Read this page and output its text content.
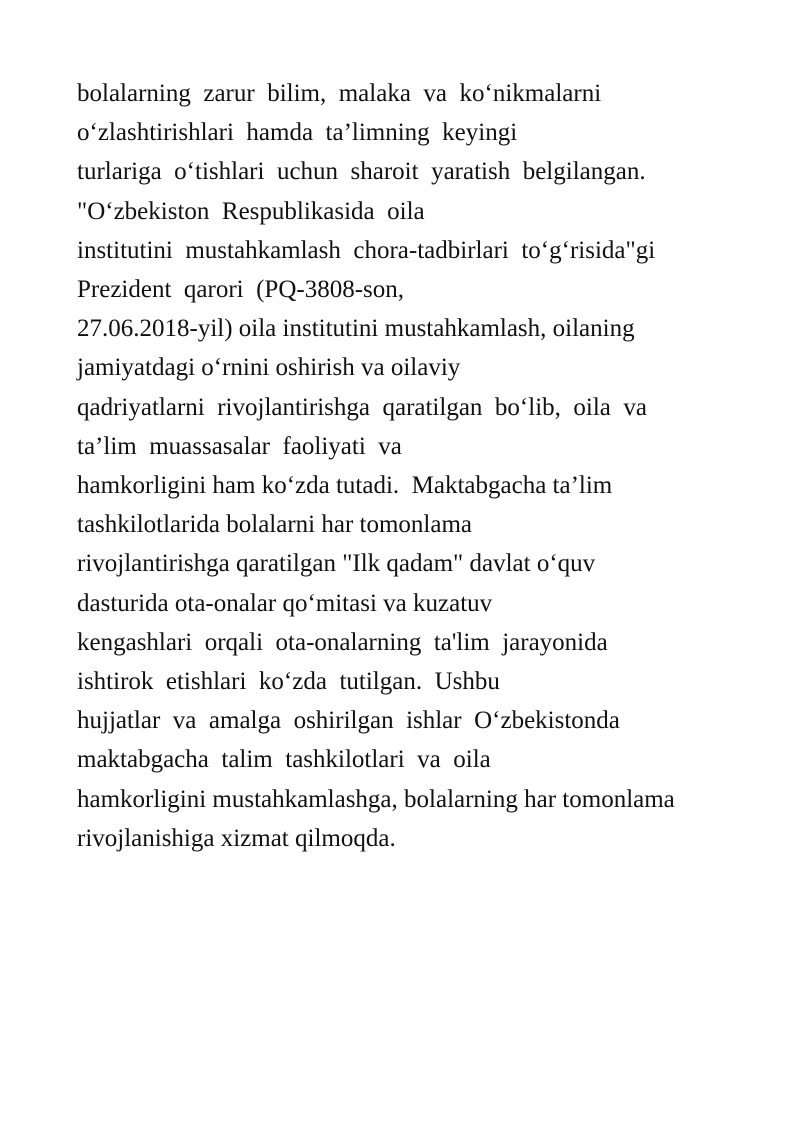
bolalarning  zarur  bilim,  malaka  va  ko‘nikmalarni
o‘zlashtirishlari  hamda  ta’limning  keyingi
turlariga  o‘tishlari  uchun  sharoit  yaratish  belgilangan.
"O‘zbekiston  Respublikasida  oila
institutini  mustahkamlash  chora-tadbirlari  to‘g‘risida"gi
Prezident  qarori  (PQ-3808-son,
27.06.2018-yil) oila institutini mustahkamlash, oilaning
jamiyatdagi o‘rnini oshirish va oilaviy
qadriyatlarni  rivojlantirishga  qaratilgan  bo‘lib,  oila  va
ta’lim  muassasalar  faoliyati  va
hamkorligini ham ko‘zda tutadi.  Maktabgacha ta’lim
tashkilotlarida bolalarni har tomonlama
rivojlantirishga qaratilgan "Ilk qadam" davlat o‘quv
dasturida ota-onalar qo‘mitasi va kuzatuv
kengashlari  orqali  ota-onalarning  ta'lim  jarayonida
ishtirok  etishlari  ko‘zda  tutilgan.  Ushbu
hujjatlar  va  amalga  oshirilgan  ishlar  O‘zbekistonda
maktabgacha  talim  tashkilotlari  va  oila
hamkorligini mustahkamlashga, bolalarning har tomonlama
rivojlanishiga xizmat qilmoqda.
